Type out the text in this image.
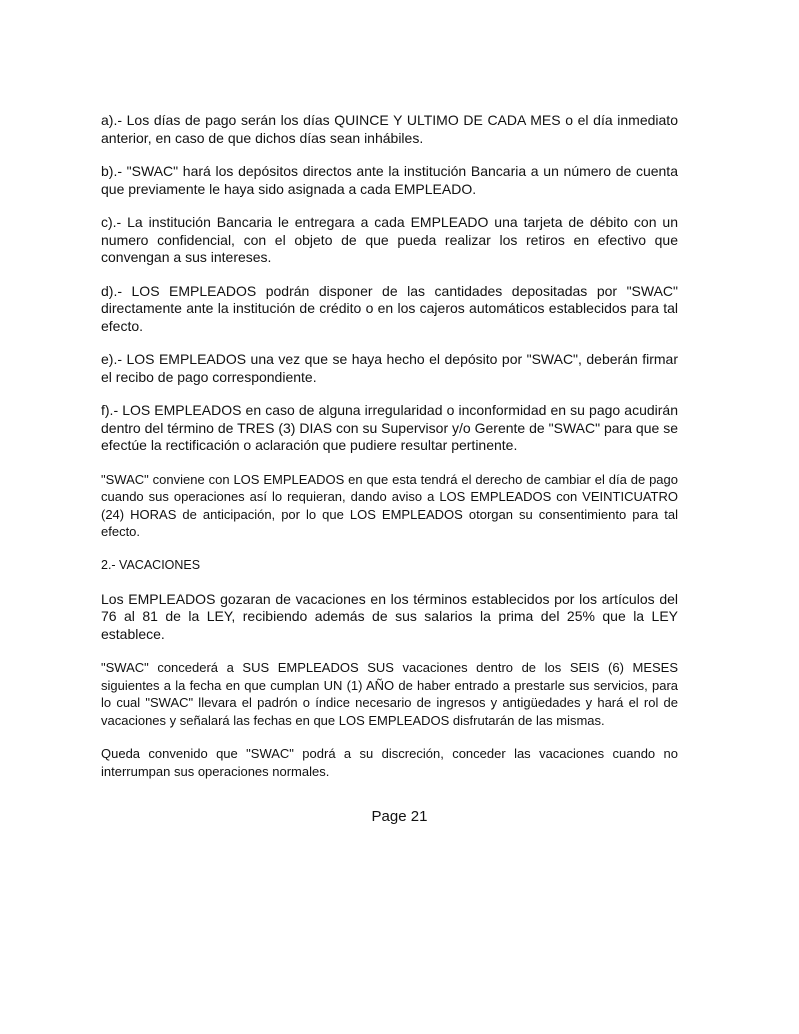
a).- Los días de pago serán los días QUINCE Y ULTIMO DE CADA MES o el día inmediato anterior, en caso de que dichos días sean inhábiles.

b).- "SWAC" hará los depósitos directos ante la institución Bancaria a un número de cuenta que previamente le haya sido asignada a cada EMPLEADO.

c).- La institución Bancaria le entregara a cada EMPLEADO una tarjeta de débito con un numero confidencial, con el objeto de que pueda realizar los retiros en efectivo que convengan a sus intereses.

d).- LOS EMPLEADOS podrán disponer de las cantidades depositadas por "SWAC" directamente ante la institución de crédito o en los cajeros automáticos establecidos para tal efecto.

e).- LOS EMPLEADOS una vez que se haya hecho el depósito por "SWAC", deberán firmar el recibo de pago correspondiente.

f).- LOS EMPLEADOS en caso de alguna irregularidad o inconformidad en su pago acudirán dentro del término de TRES (3) DIAS con su Supervisor y/o Gerente de "SWAC" para que se efectúe la rectificación o aclaración que pudiere resultar pertinente.

"SWAC" conviene con LOS EMPLEADOS en que esta tendrá el derecho de cambiar el día de pago cuando sus operaciones así lo requieran, dando aviso a LOS EMPLEADOS con VEINTICUATRO (24) HORAS de anticipación, por lo que LOS EMPLEADOS otorgan su consentimiento para tal efecto.

2.- VACACIONES

Los EMPLEADOS gozaran de vacaciones en los términos establecidos por los artículos del 76 al 81 de la LEY, recibiendo además de sus salarios la prima del 25% que la LEY establece.

"SWAC" concederá a SUS EMPLEADOS SUS vacaciones dentro de los SEIS (6) MESES siguientes a la fecha en que cumplan UN (1) AÑO de haber entrado a prestarle sus servicios, para lo cual "SWAC" llevara el padrón o índice necesario de ingresos y antigüedades y hará el rol de vacaciones y señalará las fechas en que LOS EMPLEADOS disfrutarán de las mismas.

Queda convenido que "SWAC" podrá a su discreción, conceder las vacaciones cuando no interrumpan sus operaciones normales.

Page 21
